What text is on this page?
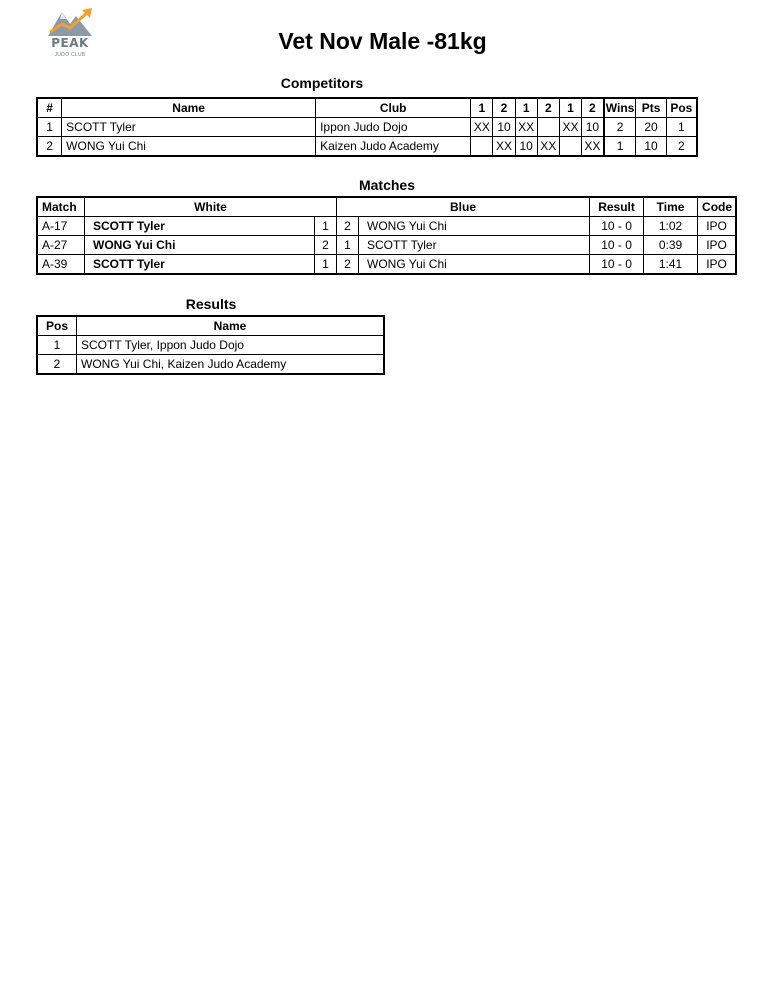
PEAK
JUDO CLUB
Vet Nov Male -81kg
Competitors
#	Name	Club	1	2	1	2	1	2	Wins	Pts	Pos
1	SCOTT Tyler	Ippon Judo Dojo	XX	10	XX		XX	10	2	20	1
2	WONG Yui Chi	Kaizen Judo Academy		XX	10	XX		XX	1	10	2
Matches
Match	White		Blue		Result	Time	Code
A-17	SCOTT Tyler	1	2	WONG Yui Chi	10 - 0	1:02	IPO
A-27	WONG Yui Chi	2	1	SCOTT Tyler	10 - 0	0:39	IPO
A-39	SCOTT Tyler	1	2	WONG Yui Chi	10 - 0	1:41	IPO
Results
Pos	Name
1	SCOTT Tyler, Ippon Judo Dojo
2	WONG Yui Chi, Kaizen Judo Academy
